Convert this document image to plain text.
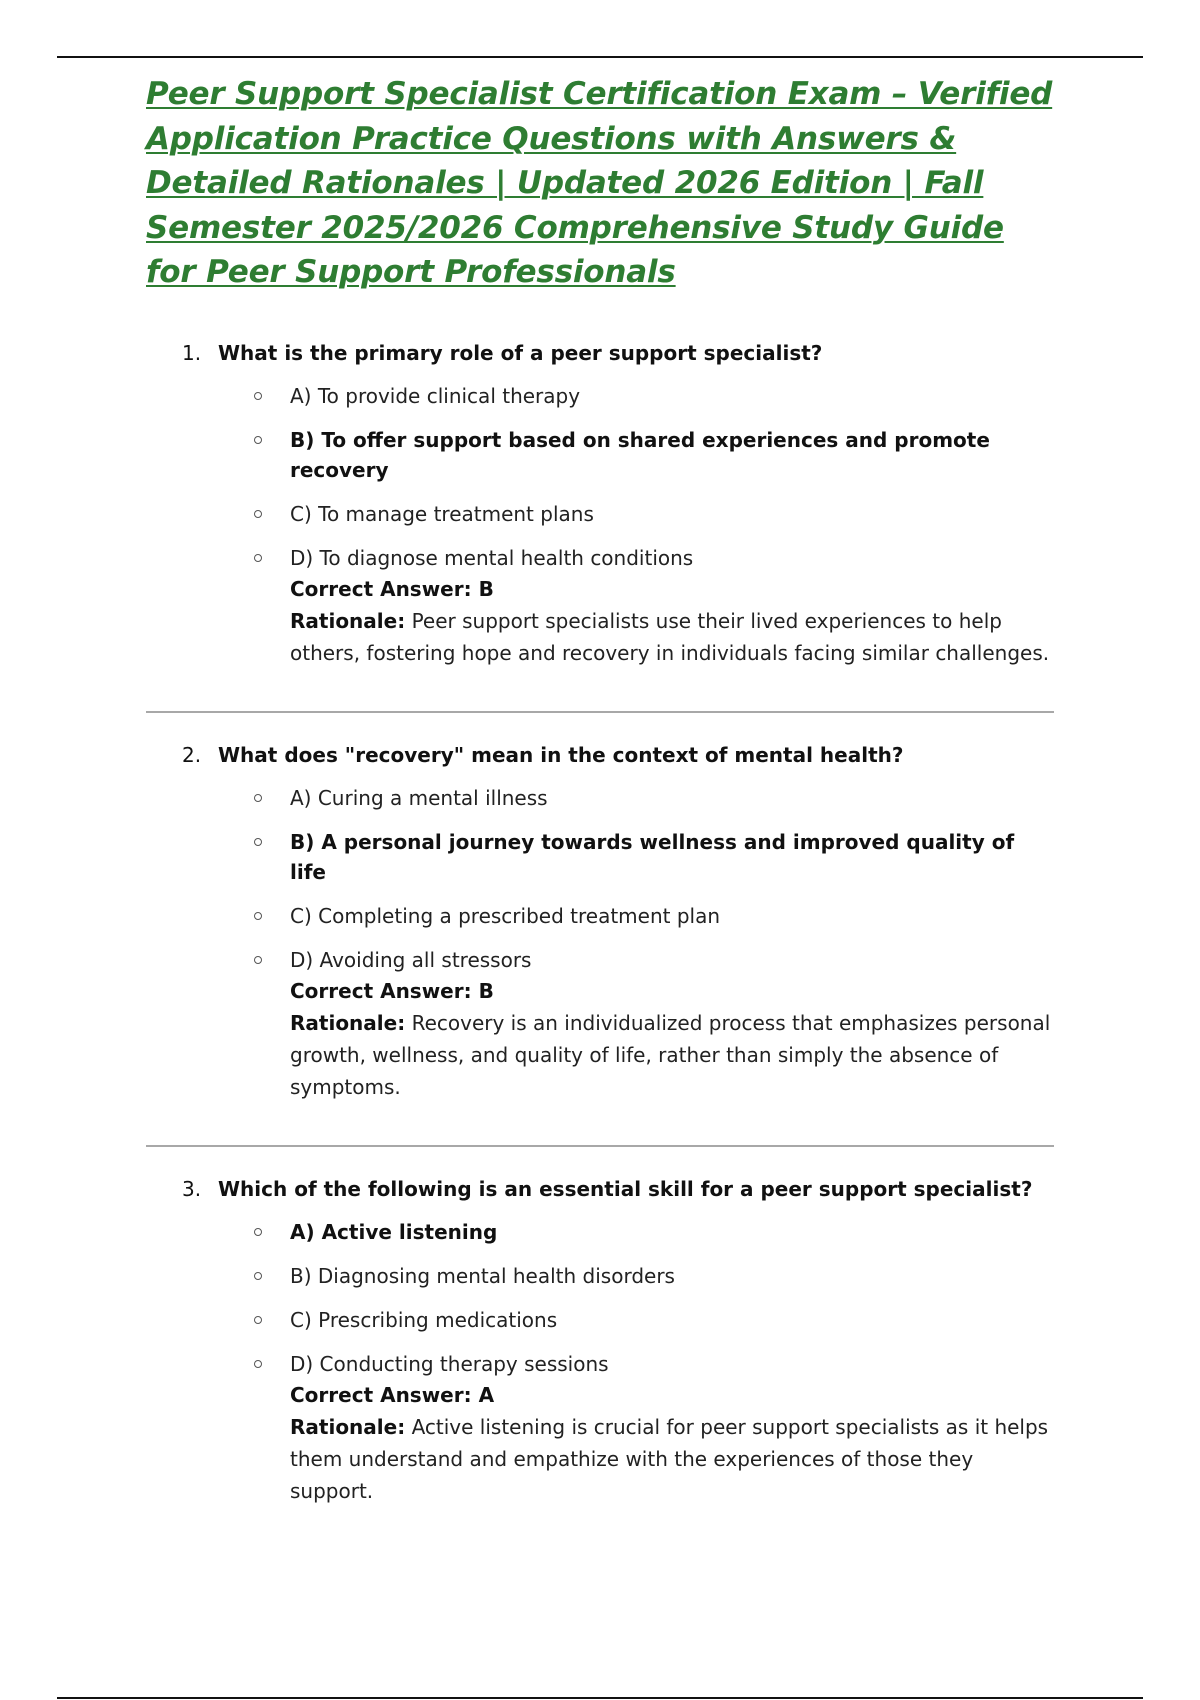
Peer Support Specialist Certification Exam – Verified Application Practice Questions with Answers & Detailed Rationales | Updated 2026 Edition | Fall Semester 2025/2026 Comprehensive Study Guide for Peer Support Professionals
1. What is the primary role of a peer support specialist?
A) To provide clinical therapy
B) To offer support based on shared experiences and promote recovery
C) To manage treatment plans
D) To diagnose mental health conditions
Correct Answer: B
Rationale: Peer support specialists use their lived experiences to help others, fostering hope and recovery in individuals facing similar challenges.
2. What does "recovery" mean in the context of mental health?
A) Curing a mental illness
B) A personal journey towards wellness and improved quality of life
C) Completing a prescribed treatment plan
D) Avoiding all stressors
Correct Answer: B
Rationale: Recovery is an individualized process that emphasizes personal growth, wellness, and quality of life, rather than simply the absence of symptoms.
3. Which of the following is an essential skill for a peer support specialist?
A) Active listening
B) Diagnosing mental health disorders
C) Prescribing medications
D) Conducting therapy sessions
Correct Answer: A
Rationale: Active listening is crucial for peer support specialists as it helps them understand and empathize with the experiences of those they support.
